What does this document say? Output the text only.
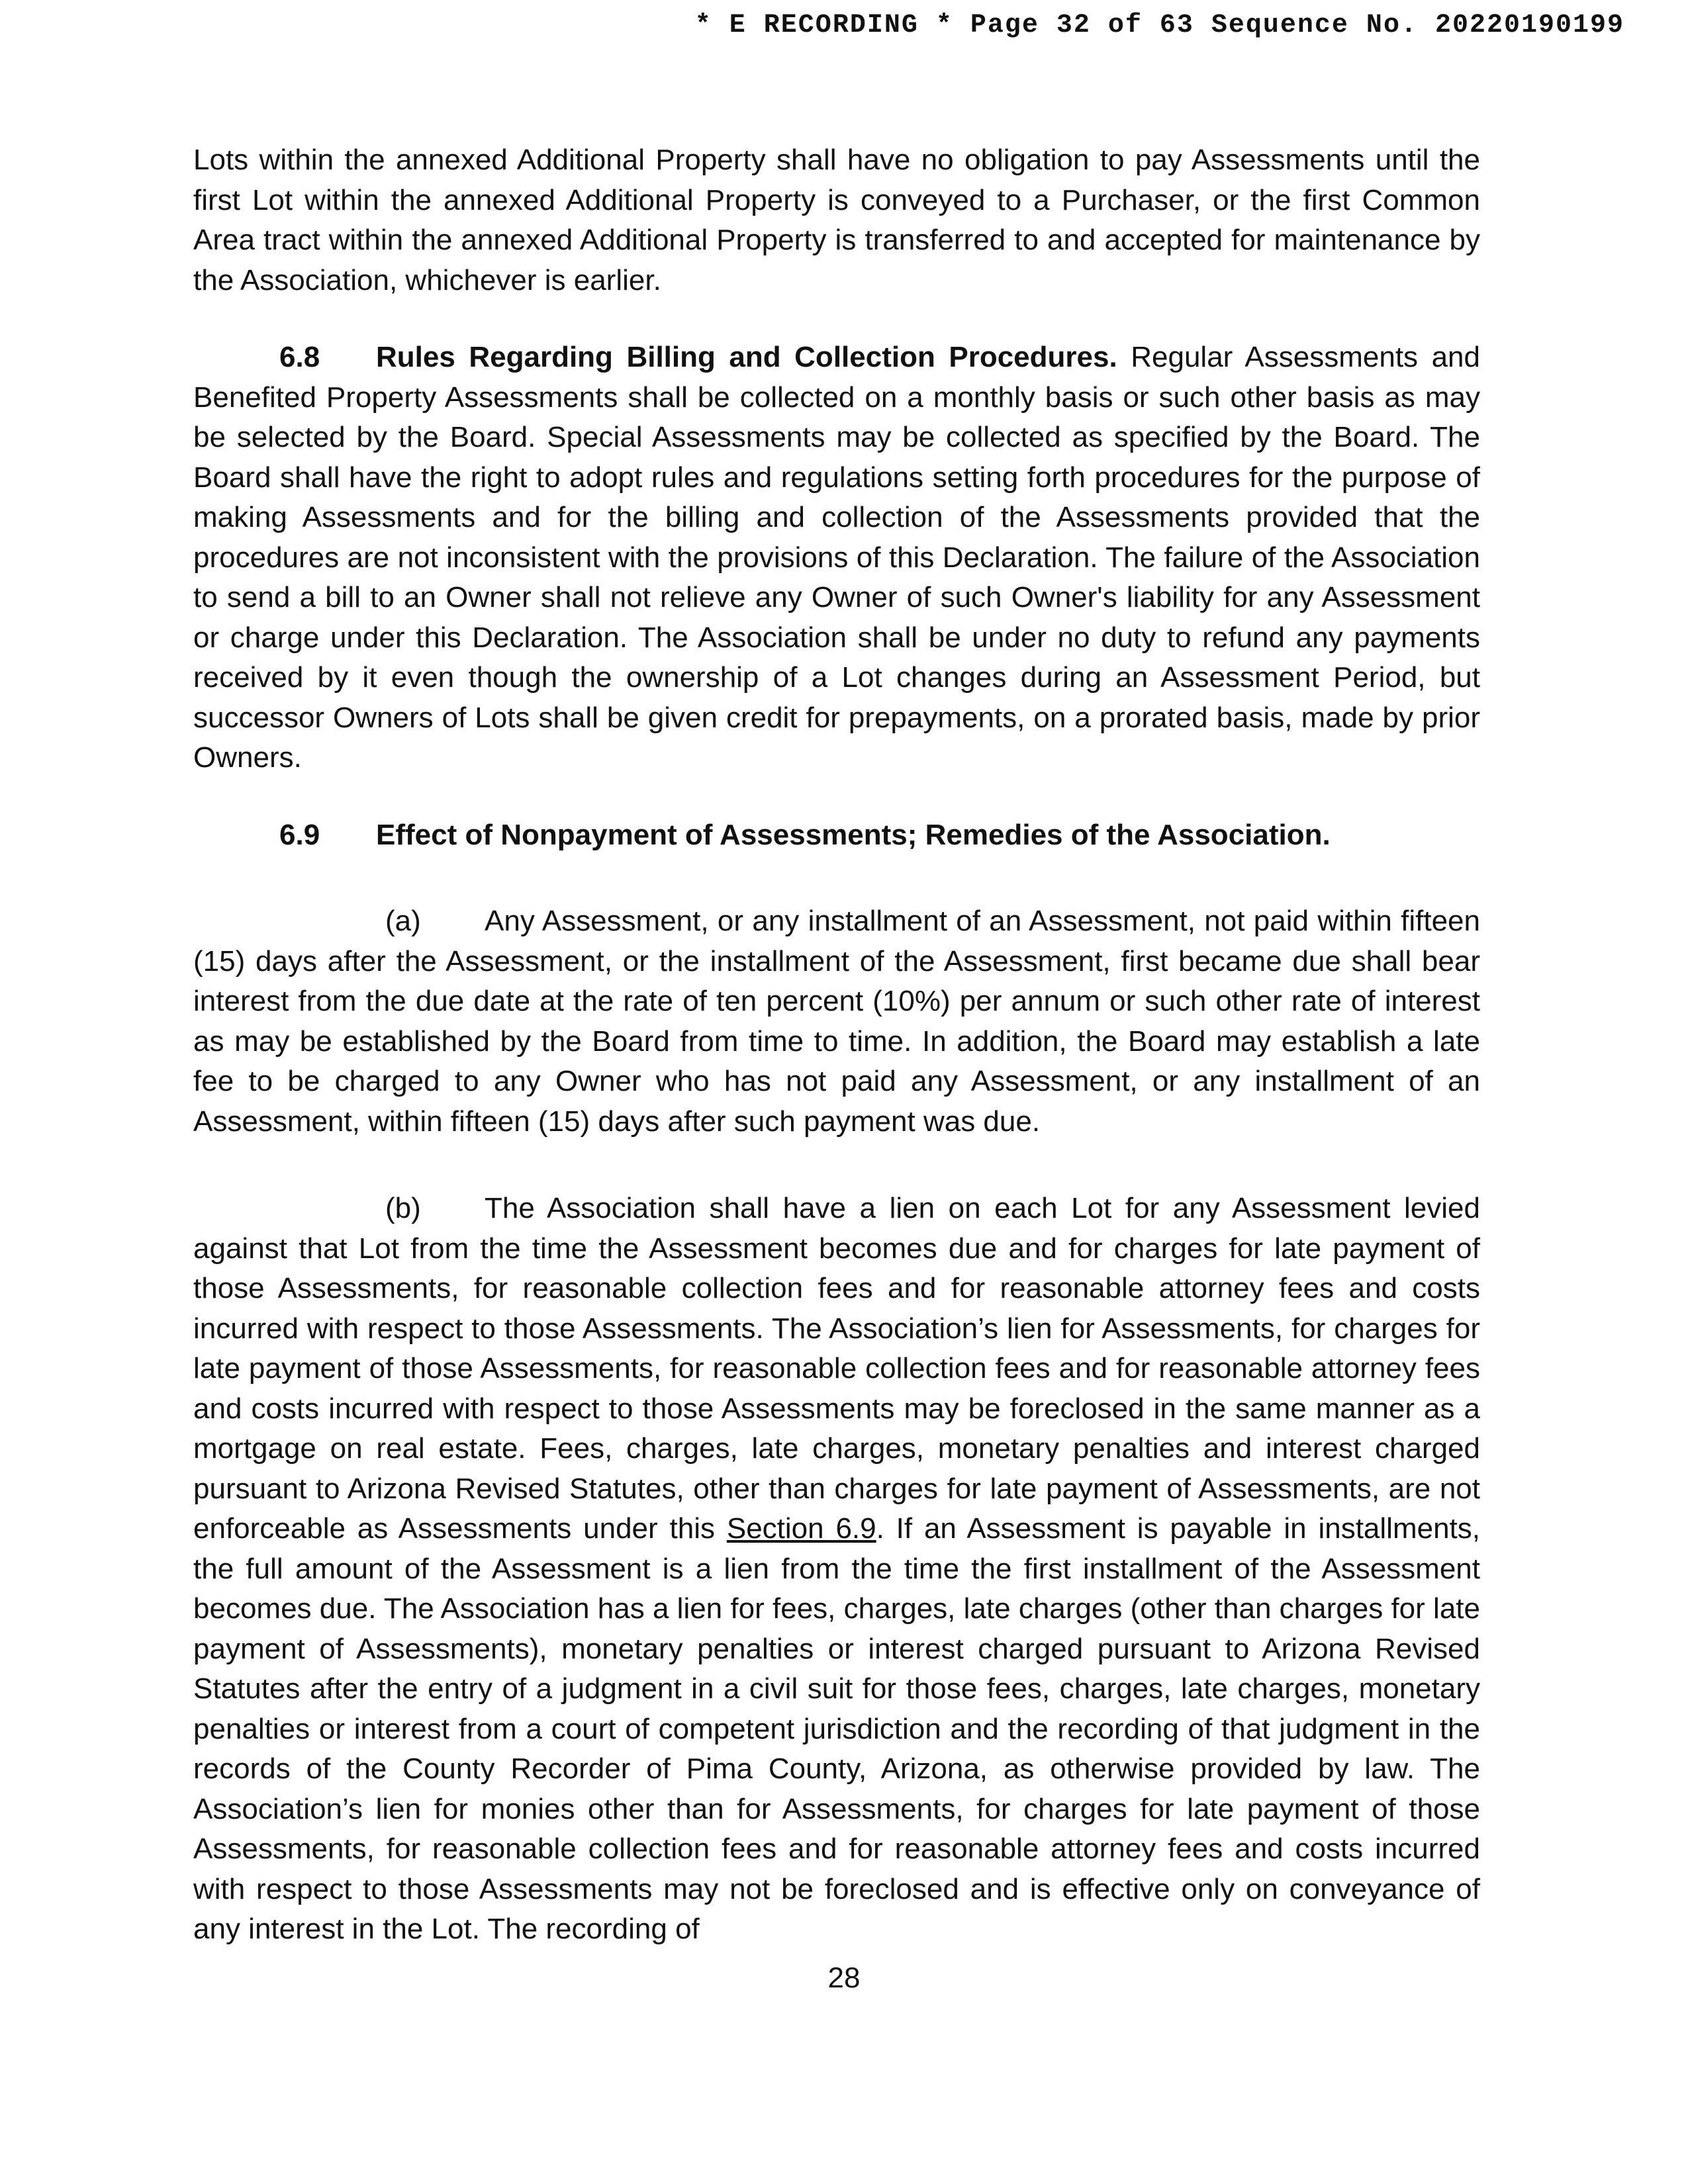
* E RECORDING * Page 32 of 63 Sequence No. 20220190199

Lots within the annexed Additional Property shall have no obligation to pay Assessments until the first Lot within the annexed Additional Property is conveyed to a Purchaser, or the first Common Area tract within the annexed Additional Property is transferred to and accepted for maintenance by the Association, whichever is earlier.

6.8 Rules Regarding Billing and Collection Procedures. Regular Assessments and Benefited Property Assessments shall be collected on a monthly basis or such other basis as may be selected by the Board. Special Assessments may be collected as specified by the Board. The Board shall have the right to adopt rules and regulations setting forth procedures for the purpose of making Assessments and for the billing and collection of the Assessments provided that the procedures are not inconsistent with the provisions of this Declaration. The failure of the Association to send a bill to an Owner shall not relieve any Owner of such Owner's liability for any Assessment or charge under this Declaration. The Association shall be under no duty to refund any payments received by it even though the ownership of a Lot changes during an Assessment Period, but successor Owners of Lots shall be given credit for prepayments, on a prorated basis, made by prior Owners.

6.9 Effect of Nonpayment of Assessments; Remedies of the Association.

(a) Any Assessment, or any installment of an Assessment, not paid within fifteen (15) days after the Assessment, or the installment of the Assessment, first became due shall bear interest from the due date at the rate of ten percent (10%) per annum or such other rate of interest as may be established by the Board from time to time. In addition, the Board may establish a late fee to be charged to any Owner who has not paid any Assessment, or any installment of an Assessment, within fifteen (15) days after such payment was due.

(b) The Association shall have a lien on each Lot for any Assessment levied against that Lot from the time the Assessment becomes due and for charges for late payment of those Assessments, for reasonable collection fees and for reasonable attorney fees and costs incurred with respect to those Assessments. The Association’s lien for Assessments, for charges for late payment of those Assessments, for reasonable collection fees and for reasonable attorney fees and costs incurred with respect to those Assessments may be foreclosed in the same manner as a mortgage on real estate. Fees, charges, late charges, monetary penalties and interest charged pursuant to Arizona Revised Statutes, other than charges for late payment of Assessments, are not enforceable as Assessments under this Section 6.9. If an Assessment is payable in installments, the full amount of the Assessment is a lien from the time the first installment of the Assessment becomes due. The Association has a lien for fees, charges, late charges (other than charges for late payment of Assessments), monetary penalties or interest charged pursuant to Arizona Revised Statutes after the entry of a judgment in a civil suit for those fees, charges, late charges, monetary penalties or interest from a court of competent jurisdiction and the recording of that judgment in the records of the County Recorder of Pima County, Arizona, as otherwise provided by law. The Association’s lien for monies other than for Assessments, for charges for late payment of those Assessments, for reasonable collection fees and for reasonable attorney fees and costs incurred with respect to those Assessments may not be foreclosed and is effective only on conveyance of any interest in the Lot. The recording of

28
